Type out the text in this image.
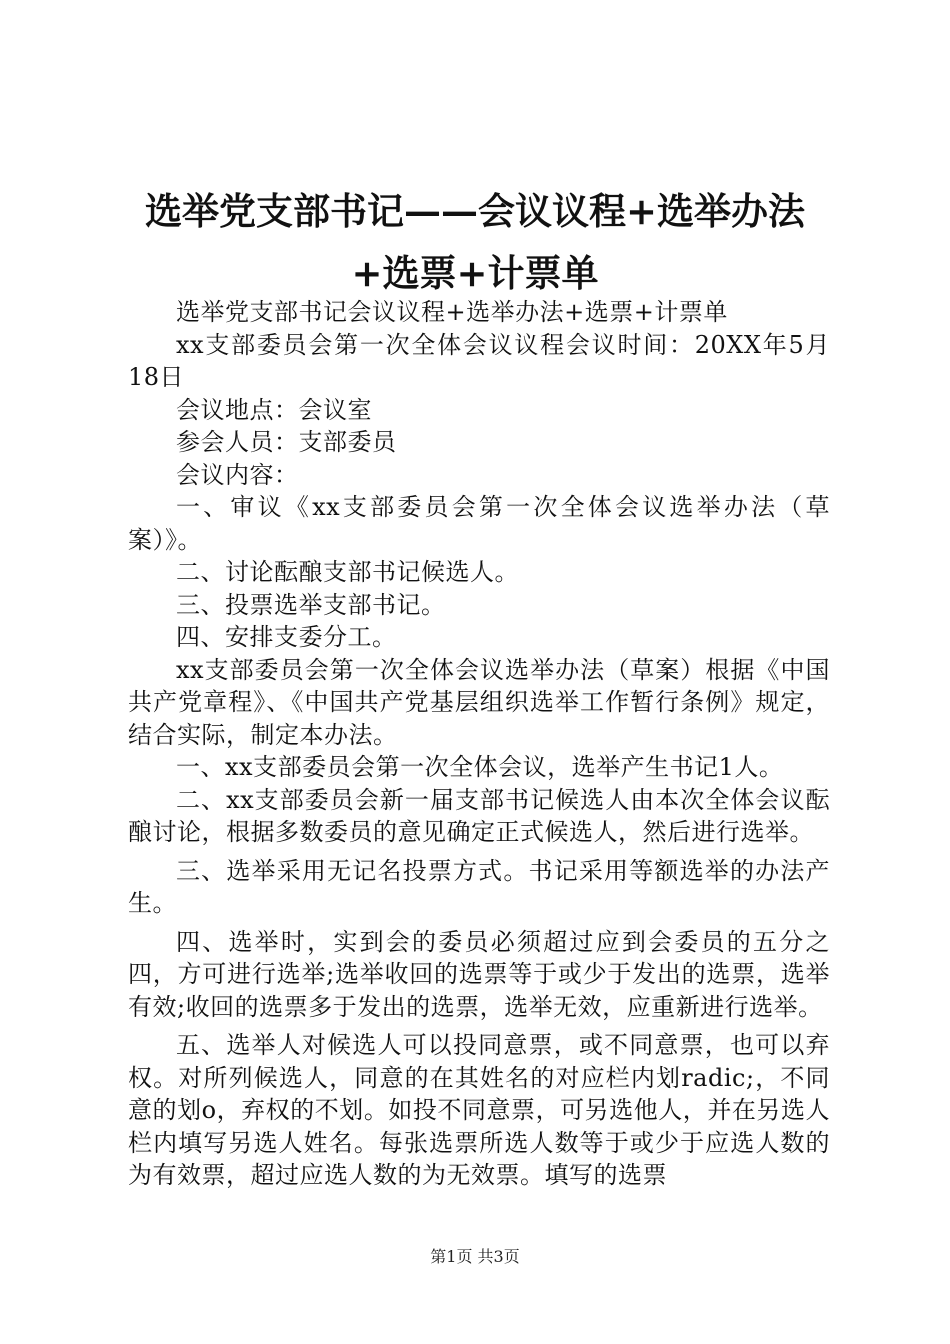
选举党支部书记——会议议程+选举办法+选票+计票单

选举党支部书记会议议程+选举办法+选票+计票单

xx支部委员会第一次全体会议议程会议时间：20XX年5月18日

会议地点：会议室

参会人员：支部委员

会议内容：

一、审议《xx支部委员会第一次全体会议选举办法（草案）》。

二、讨论酝酿支部书记候选人。

三、投票选举支部书记。

四、安排支委分工。

xx支部委员会第一次全体会议选举办法（草案）根据《中国共产党章程》、《中国共产党基层组织选举工作暂行条例》规定，结合实际，制定本办法。

一、xx支部委员会第一次全体会议，选举产生书记1人。

二、xx支部委员会新一届支部书记候选人由本次全体会议酝酿讨论，根据多数委员的意见确定正式候选人，然后进行选举。

三、选举采用无记名投票方式。书记采用等额选举的办法产生。

四、选举时，实到会的委员必须超过应到会委员的五分之四，方可进行选举;选举收回的选票等于或少于发出的选票，选举有效;收回的选票多于发出的选票，选举无效，应重新进行选举。

五、选举人对候选人可以投同意票，或不同意票，也可以弃权。对所列候选人，同意的在其姓名的对应栏内划radic;，不同意的划o，弃权的不划。如投不同意票，可另选他人，并在另选人栏内填写另选人姓名。每张选票所选人数等于或少于应选人数的为有效票，超过应选人数的为无效票。填写的选票

第1页 共3页
